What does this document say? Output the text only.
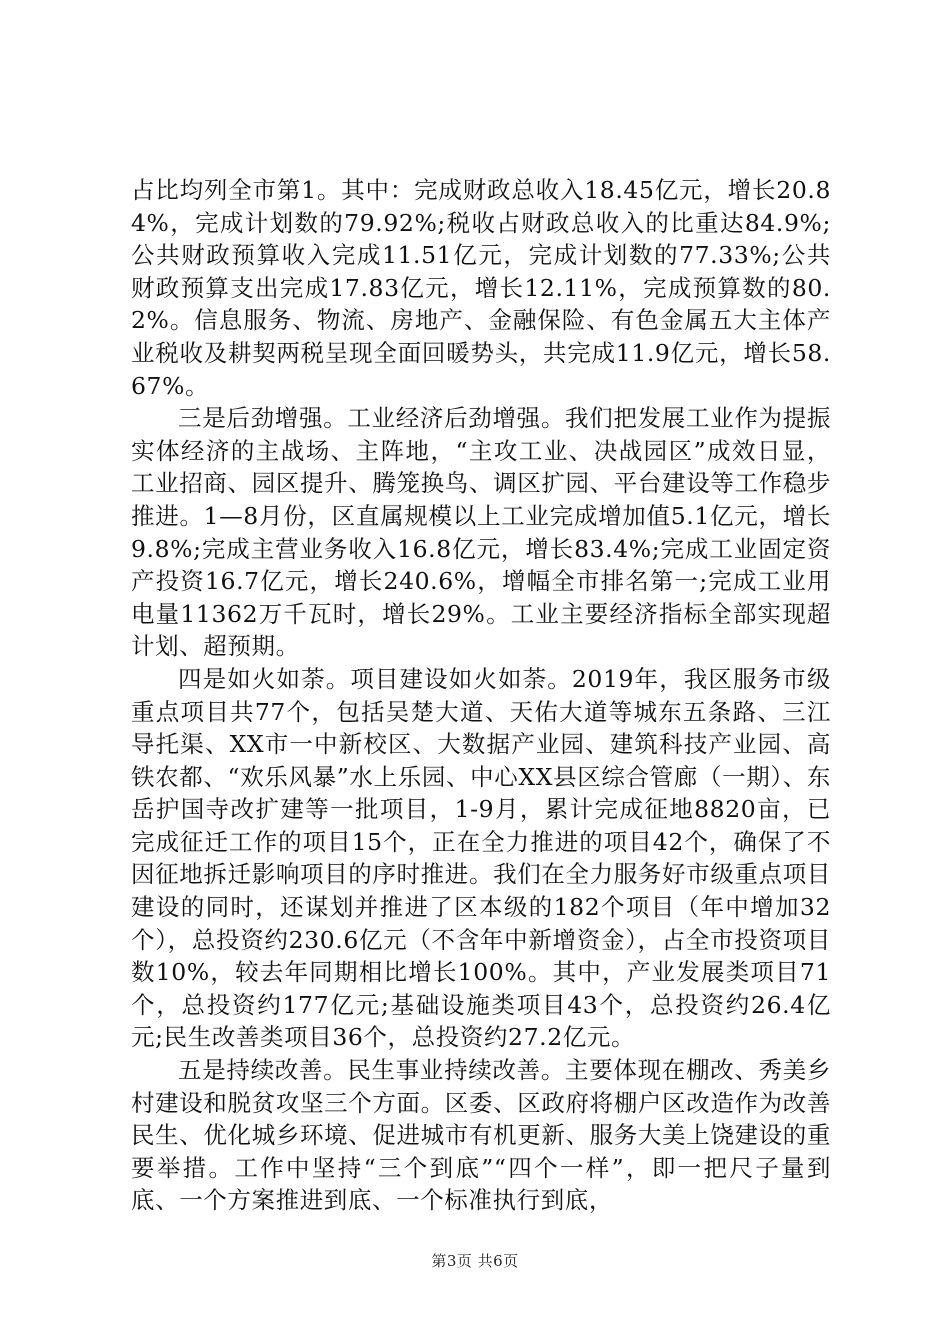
占比均列全市第1。其中：完成财政总收入18.45亿元，增长20.84%，完成计划数的79.92%;税收占财政总收入的比重达84.9%;公共财政预算收入完成11.51亿元，完成计划数的77.33%;公共财政预算支出完成17.83亿元，增长12.11%，完成预算数的80.2%。信息服务、物流、房地产、金融保险、有色金属五大主体产业税收及耕契两税呈现全面回暖势头，共完成11.9亿元，增长58.67%。

三是后劲增强。工业经济后劲增强。我们把发展工业作为提振实体经济的主战场、主阵地，“主攻工业、决战园区”成效日显，工业招商、园区提升、腾笼换鸟、调区扩园、平台建设等工作稳步推进。1—8月份，区直属规模以上工业完成增加值5.1亿元，增长9.8%;完成主营业务收入16.8亿元，增长83.4%;完成工业固定资产投资16.7亿元，增长240.6%，增幅全市排名第一;完成工业用电量11362万千瓦时，增长29%。工业主要经济指标全部实现超计划、超预期。

四是如火如荼。项目建设如火如荼。2019年，我区服务市级重点项目共77个，包括吴楚大道、天佑大道等城东五条路、三江导托渠、XX市一中新校区、大数据产业园、建筑科技产业园、高铁农都、“欢乐风暴”水上乐园、中心XX县区综合管廊（一期）、东岳护国寺改扩建等一批项目，1-9月，累计完成征地8820亩，已完成征迁工作的项目15个，正在全力推进的项目42个，确保了不因征地拆迁影响项目的序时推进。我们在全力服务好市级重点项目建设的同时，还谋划并推进了区本级的182个项目（年中增加32个），总投资约230.6亿元（不含年中新增资金），占全市投资项目数10%，较去年同期相比增长100%。其中，产业发展类项目71个，总投资约177亿元;基础设施类项目43个，总投资约26.4亿元;民生改善类项目36个，总投资约27.2亿元。

五是持续改善。民生事业持续改善。主要体现在棚改、秀美乡村建设和脱贫攻坚三个方面。区委、区政府将棚户区改造作为改善民生、优化城乡环境、促进城市有机更新、服务大美上饶建设的重要举措。工作中坚持“三个到底”“四个一样”，即一把尺子量到底、一个方案推进到底、一个标准执行到底，

第3页 共6页
